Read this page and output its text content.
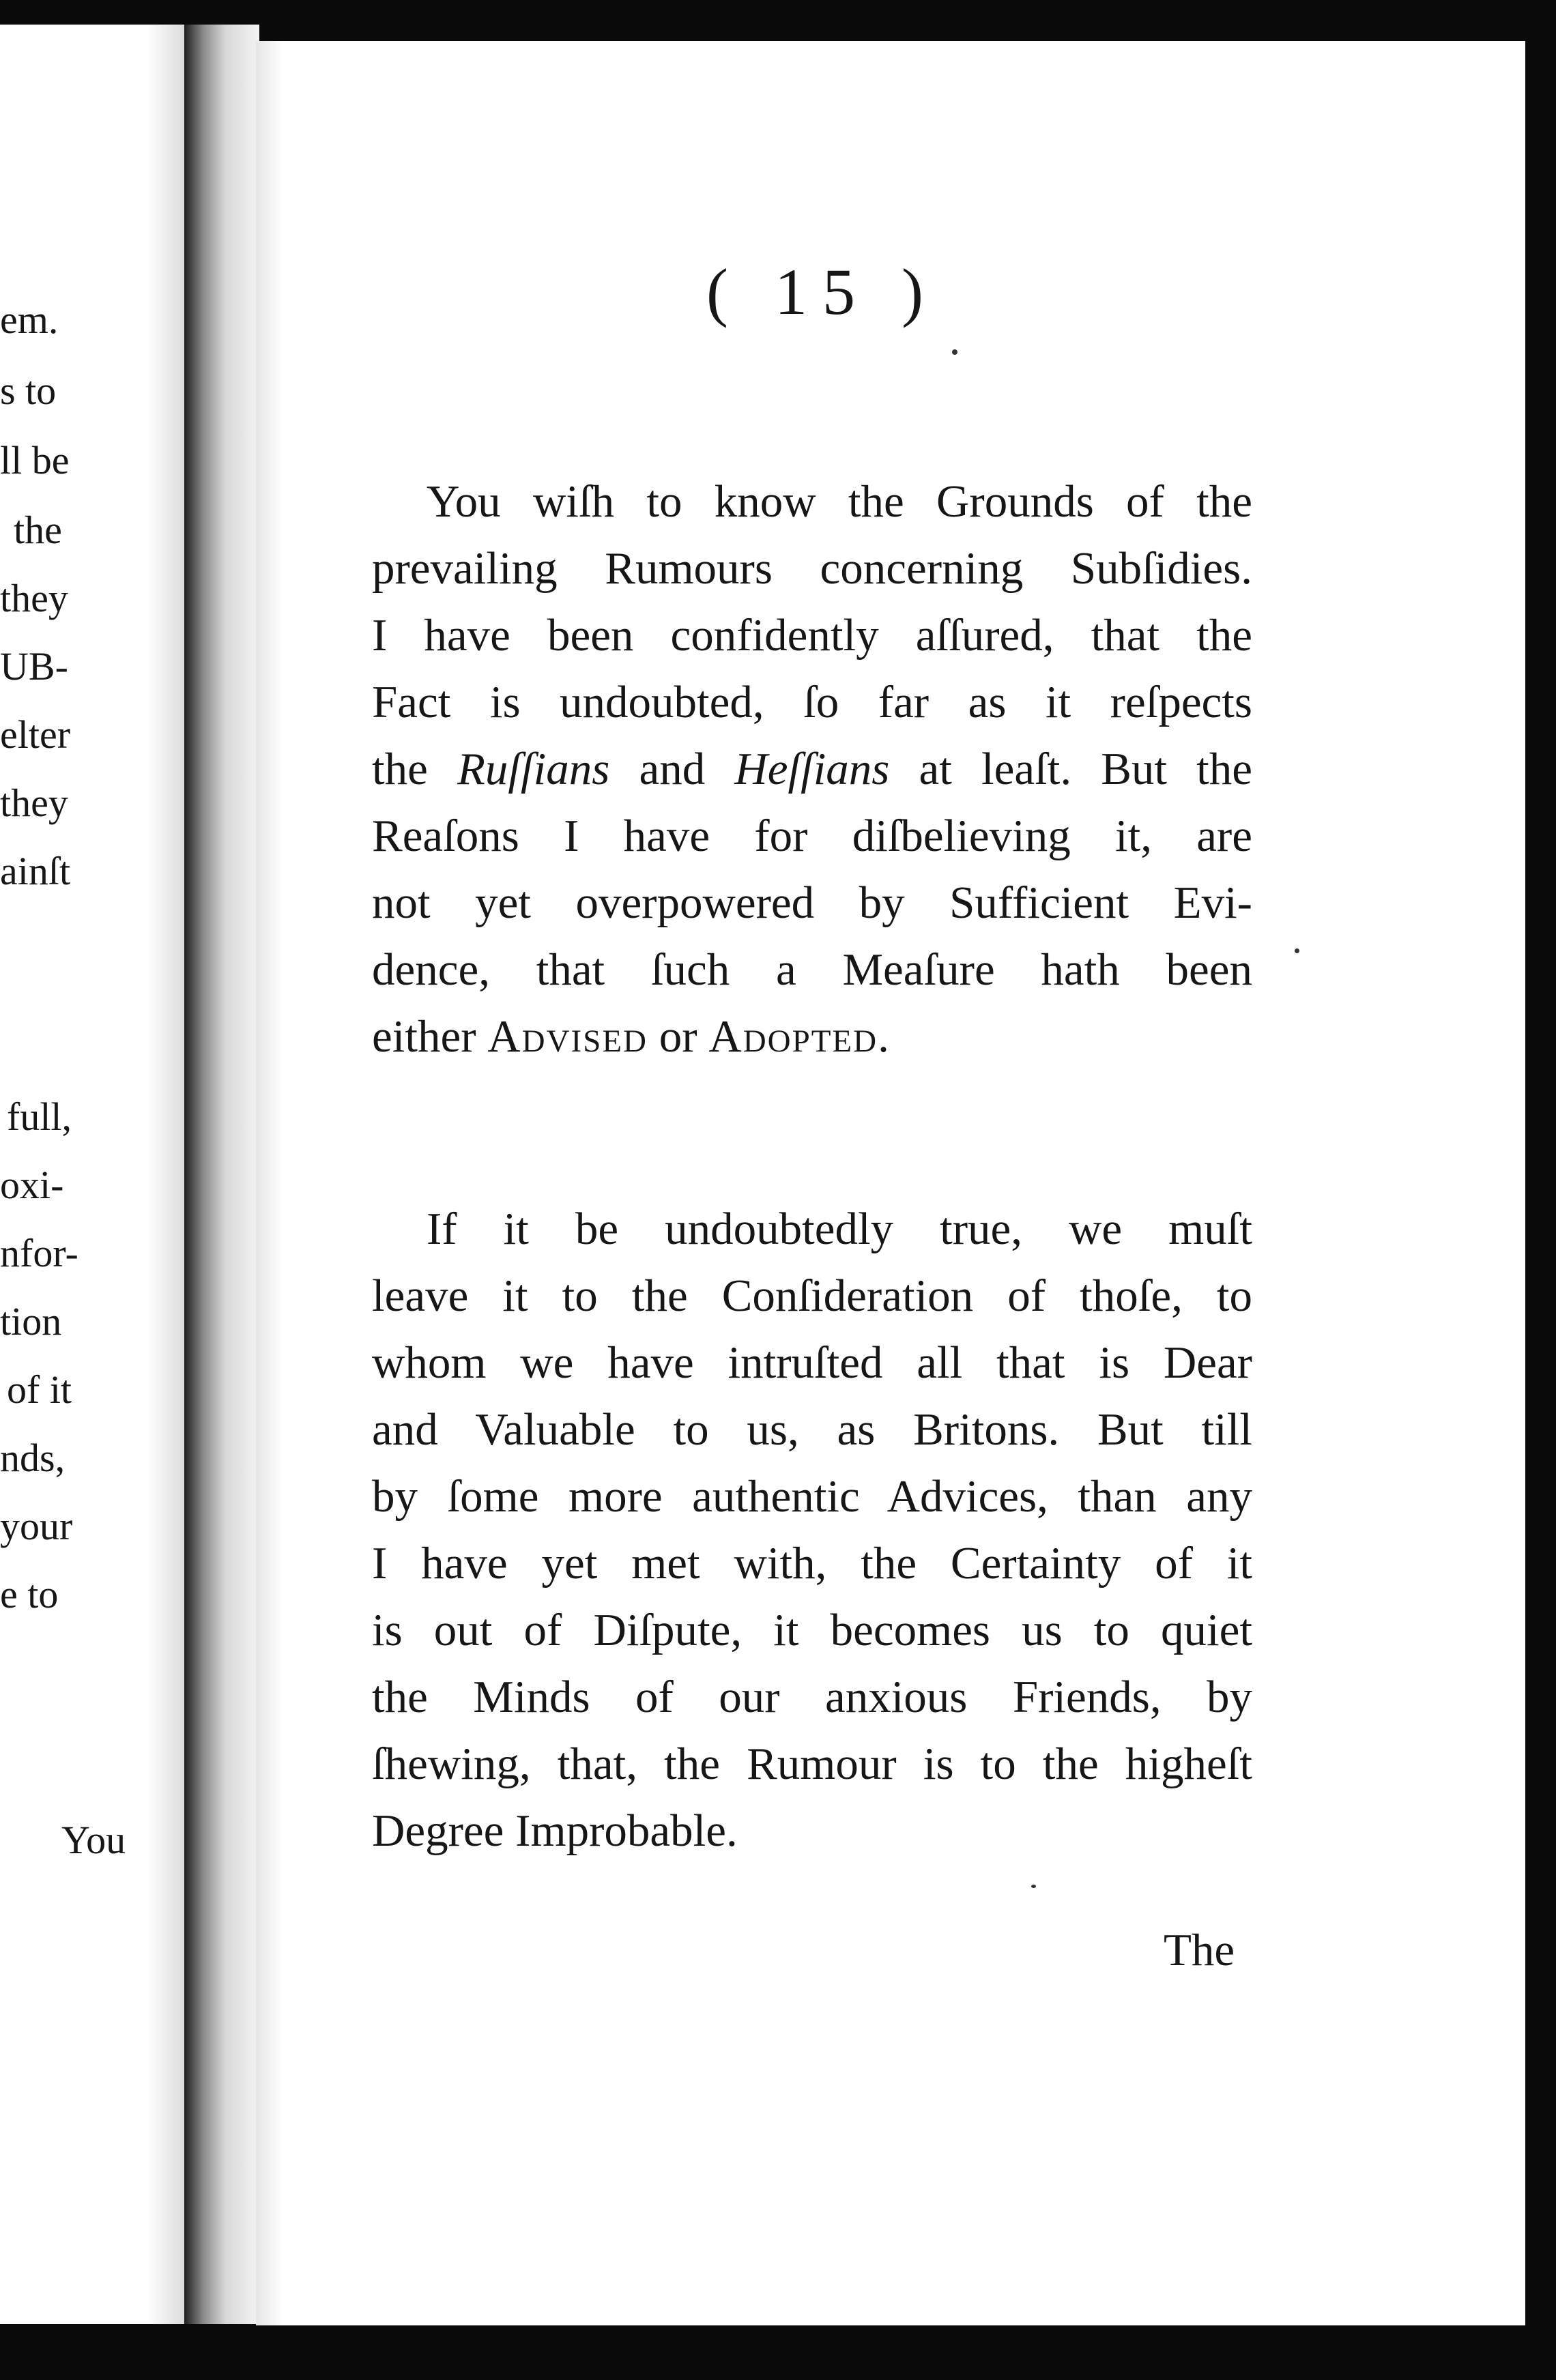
em.
s to
ll be
the
they
UB-
elter
they
ainſt
full,
oxi-
nfor-
tion
of it
nds,
your
e to
You
( 15 )
You wiſh to know the Grounds of the
prevailing Rumours concerning Subſidies.
I have been confidently aſſured, that the
Fact is undoubted, ſo far as it reſpects
the Ruſſians and Heſſians at leaſt. But the
Reaſons I have for diſbelieving it, are
not yet overpowered by Sufficient Evi-
dence, that ſuch a Meaſure hath been
either Advised or Adopted.
If it be undoubtedly true, we muſt
leave it to the Conſideration of thoſe, to
whom we have intruſted all that is Dear
and Valuable to us, as Britons. But till
by ſome more authentic Advices, than any
I have yet met with, the Certainty of it
is out of Diſpute, it becomes us to quiet
the Minds of our anxious Friends, by
ſhewing, that, the Rumour is to the higheſt
Degree Improbable.
The
